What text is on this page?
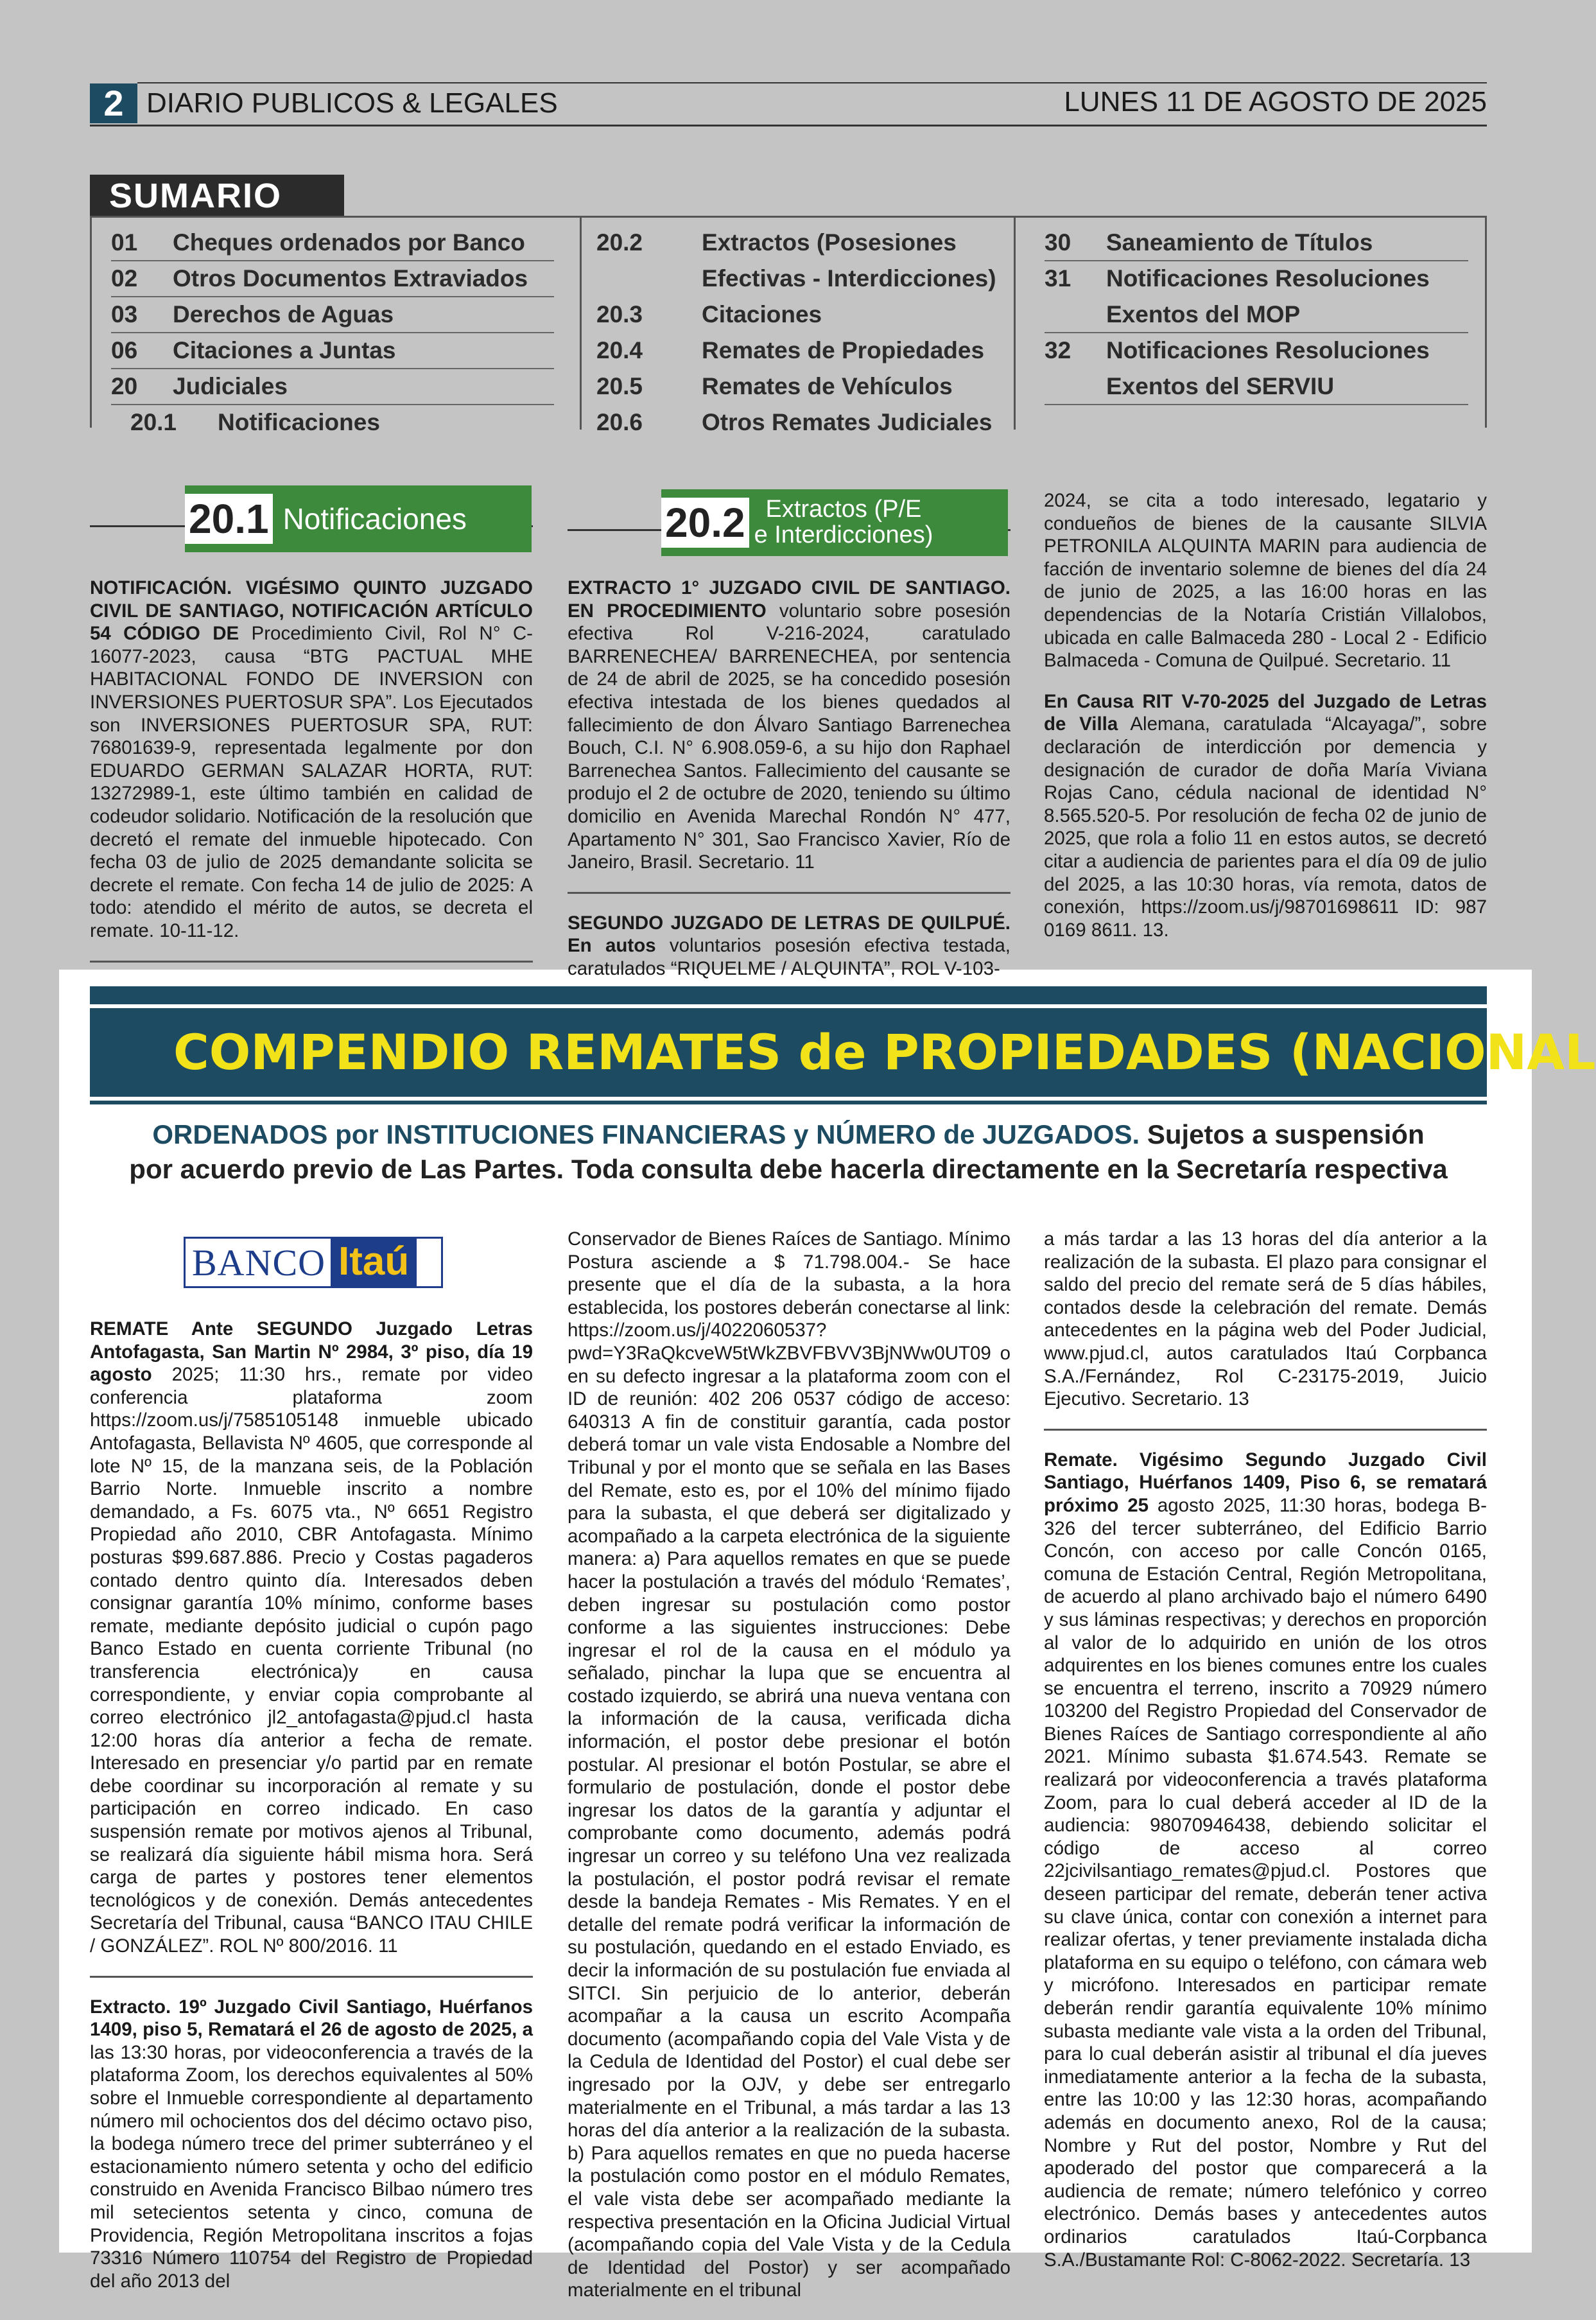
2 DIARIO PUBLICOS & LEGALES	LUNES 11 DE AGOSTO DE 2025
SUMARIO
01	Cheques ordenados por Banco
02	Otros Documentos Extraviados
03	Derechos de Aguas
06	Citaciones a Juntas
20	Judiciales
20.1	Notificaciones
20.2	Extractos (Posesiones
Efectivas - Interdicciones)
20.3	Citaciones
20.4	Remates de Propiedades
20.5	Remates de Vehículos
20.6	Otros Remates Judiciales
30	Saneamiento de Títulos
31	Notificaciones Resoluciones
Exentos del MOP
32	Notificaciones Resoluciones
Exentos del SERVIU
20.1 Notificaciones	20.2 Extractos (P/E
e Interdicciones)

NOTIFICACIÓN. VIGÉSIMO QUINTO JUZGADO CIVIL DE SANTIAGO, NOTIFICACIÓN ARTÍCULO 54 CÓDIGO DE Procedimiento Civil, Rol N° C-16077-2023, causa “BTG PACTUAL MHE HABITACIONAL FONDO DE INVERSION con INVERSIONES PUERTOSUR SPA”. Los Ejecutados son INVERSIONES PUERTOSUR SPA, RUT: 76801639-9, representada legalmente por don EDUARDO GERMAN SALAZAR HORTA, RUT: 13272989-1, este último también en calidad de codeudor solidario. Notificación de la resolución que decretó el remate del inmueble hipotecado. Con fecha 03 de julio de 2025 demandante solicita se decrete el remate. Con fecha 14 de julio de 2025: A todo: atendido el mérito de autos, se decreta el remate. 10-11-12.

EXTRACTO 1° JUZGADO CIVIL DE SANTIAGO. EN PROCEDIMIENTO voluntario sobre posesión efectiva Rol V-216-2024, caratulado BARRENECHEA/ BARRENECHEA, por sentencia de 24 de abril de 2025, se ha concedido posesión efectiva intestada de los bienes quedados al fallecimiento de don Álvaro Santiago Barrenechea Bouch, C.I. N° 6.908.059-6, a su hijo don Raphael Barrenechea Santos. Fallecimiento del causante se produjo el 2 de octubre de 2020, teniendo su último domicilio en Avenida Marechal Rondón N° 477, Apartamento N° 301, Sao Francisco Xavier, Río de Janeiro, Brasil. Secretario. 11

SEGUNDO JUZGADO DE LETRAS DE QUILPUÉ. En autos voluntarios posesión efectiva testada, caratulados “RIQUELME / ALQUINTA”, ROL V-103-

2024, se cita a todo interesado, legatario y condueños de bienes de la causante SILVIA PETRONILA ALQUINTA MARIN para audiencia de facción de inventario solemne de bienes del día 24 de junio de 2025, a las 16:00 horas en las dependencias de la Notaría Cristián Villalobos, ubicada en calle Balmaceda 280 - Local 2 - Edificio Balmaceda - Comuna de Quilpué. Secretario. 11

En Causa RIT V-70-2025 del Juzgado de Letras de Villa Alemana, caratulada “Alcayaga/”, sobre declaración de interdicción por demencia y designación de curador de doña María Viviana Rojas Cano, cédula nacional de identidad N° 8.565.520-5. Por resolución de fecha 02 de junio de 2025, que rola a folio 11 en estos autos, se decretó citar a audiencia de parientes para el día 09 de julio del 2025, a las 10:30 horas, vía remota, datos de conexión, https://zoom.us/j/98701698611 ID: 987 0169 8611. 13.

COMPENDIO REMATES de PROPIEDADES (NACIONAL
ORDENADOS por INSTITUCIONES FINANCIERAS y NÚMERO de JUZGADOS. Sujetos a suspensión
por acuerdo previo de Las Partes. Toda consulta debe hacerla directamente en la Secretaría respectiva
BANCO Itaú

REMATE Ante SEGUNDO Juzgado Letras Antofagasta, San Martin Nº 2984, 3º piso, día 19 agosto 2025; 11:30 hrs., remate por video conferencia plataforma zoom https://zoom.us/j/7585105148 inmueble ubicado Antofagasta, Bellavista Nº 4605, que corresponde al lote Nº 15, de la manzana seis, de la Población Barrio Norte. Inmueble inscrito a nombre demandado, a Fs. 6075 vta., Nº 6651 Registro Propiedad año 2010, CBR Antofagasta. Mínimo posturas $99.687.886. Precio y Costas pagaderos contado dentro quinto día. Interesados deben consignar garantía 10% mínimo, conforme bases remate, mediante depósito judicial o cupón pago Banco Estado en cuenta corriente Tribunal (no transferencia electrónica)y en causa correspondiente, y enviar copia comprobante al correo electrónico jl2_antofagasta@pjud.cl hasta 12:00 horas día anterior a fecha de remate. Interesado en presenciar y/o partid par en remate debe coordinar su incorporación al remate y su participación en correo indicado. En caso suspensión remate por motivos ajenos al Tribunal, se realizará día siguiente hábil misma hora. Será carga de partes y postores tener elementos tecnológicos y de conexión. Demás antecedentes Secretaría del Tribunal, causa “BANCO ITAU CHILE / GONZÁLEZ”. ROL Nº 800/2016. 11

Extracto. 19º Juzgado Civil Santiago, Huérfanos 1409, piso 5, Rematará el 26 de agosto de 2025, a las 13:30 horas, por videoconferencia a través de la plataforma Zoom, los derechos equivalentes al 50% sobre el Inmueble correspondiente al departamento número mil ochocientos dos del décimo octavo piso, la bodega número trece del primer subterráneo y el estacionamiento número setenta y ocho del edificio construido en Avenida Francisco Bilbao número tres mil setecientos setenta y cinco, comuna de Providencia, Región Metropolitana inscritos a fojas 73316 Número 110754 del Registro de Propiedad del año 2013 del

Conservador de Bienes Raíces de Santiago. Mínimo Postura asciende a $ 71.798.004.- Se hace presente que el día de la subasta, a la hora establecida, los postores deberán conectarse al link: https://zoom.us/j/4022060537?pwd=Y3RaQkcveW5tWkZBVFBVV3BjNWw0UT09 o en su defecto ingresar a la plataforma zoom con el ID de reunión: 402 206 0537 código de acceso: 640313 A fin de constituir garantía, cada postor deberá tomar un vale vista Endosable a Nombre del Tribunal y por el monto que se señala en las Bases del Remate, esto es, por el 10% del mínimo fijado para la subasta, el que deberá ser digitalizado y acompañado a la carpeta electrónica de la siguiente manera: a) Para aquellos remates en que se puede hacer la postulación a través del módulo ‘Remates’, deben ingresar su postulación como postor conforme a las siguientes instrucciones: Debe ingresar el rol de la causa en el módulo ya señalado, pinchar la lupa que se encuentra al costado izquierdo, se abrirá una nueva ventana con la información de la causa, verificada dicha información, el postor debe presionar el botón postular. Al presionar el botón Postular, se abre el formulario de postulación, donde el postor debe ingresar los datos de la garantía y adjuntar el comprobante como documento, además podrá ingresar un correo y su teléfono Una vez realizada la postulación, el postor podrá revisar el remate desde la bandeja Remates - Mis Remates. Y en el detalle del remate podrá verificar la información de su postulación, quedando en el estado Enviado, es decir la información de su postulación fue enviada al SITCI. Sin perjuicio de lo anterior, deberán acompañar a la causa un escrito Acompaña documento (acompañando copia del Vale Vista y de la Cedula de Identidad del Postor) el cual debe ser ingresado por la OJV, y debe ser entregarlo materialmente en el Tribunal, a más tardar a las 13 horas del día anterior a la realización de la subasta. b) Para aquellos remates en que no pueda hacerse la postulación como postor en el módulo Remates, el vale vista debe ser acompañado mediante la respectiva presentación en la Oficina Judicial Virtual (acompañando copia del Vale Vista y de la Cedula de Identidad del Postor) y ser acompañado materialmente en el tribunal

a más tardar a las 13 horas del día anterior a la realización de la subasta. El plazo para consignar el saldo del precio del remate será de 5 días hábiles, contados desde la celebración del remate. Demás antecedentes en la página web del Poder Judicial, www.pjud.cl, autos caratulados Itaú Corpbanca S.A./Fernández, Rol C-23175-2019, Juicio Ejecutivo. Secretario. 13

Remate. Vigésimo Segundo Juzgado Civil Santiago, Huérfanos 1409, Piso 6, se rematará próximo 25 agosto 2025, 11:30 horas, bodega B-326 del tercer subterráneo, del Edificio Barrio Concón, con acceso por calle Concón 0165, comuna de Estación Central, Región Metropolitana, de acuerdo al plano archivado bajo el número 6490 y sus láminas respectivas; y derechos en proporción al valor de lo adquirido en unión de los otros adquirentes en los bienes comunes entre los cuales se encuentra el terreno, inscrito a 70929 número 103200 del Registro Propiedad del Conservador de Bienes Raíces de Santiago correspondiente al año 2021. Mínimo subasta $1.674.543. Remate se realizará por videoconferencia a través plataforma Zoom, para lo cual deberá acceder al ID de la audiencia: 98070946438, debiendo solicitar el código de acceso al correo 22jcivilsantiago_remates@pjud.cl. Postores que deseen participar del remate, deberán tener activa su clave única, contar con conexión a internet para realizar ofertas, y tener previamente instalada dicha plataforma en su equipo o teléfono, con cámara web y micrófono. Interesados en participar remate deberán rendir garantía equivalente 10% mínimo subasta mediante vale vista a la orden del Tribunal, para lo cual deberán asistir al tribunal el día jueves inmediatamente anterior a la fecha de la subasta, entre las 10:00 y las 12:30 horas, acompañando además en documento anexo, Rol de la causa; Nombre y Rut del postor, Nombre y Rut del apoderado del postor que comparecerá a la audiencia de remate; número telefónico y correo electrónico. Demás bases y antecedentes autos ordinarios caratulados Itaú-Corpbanca S.A./Bustamante Rol: C-8062-2022. Secretaría. 13
